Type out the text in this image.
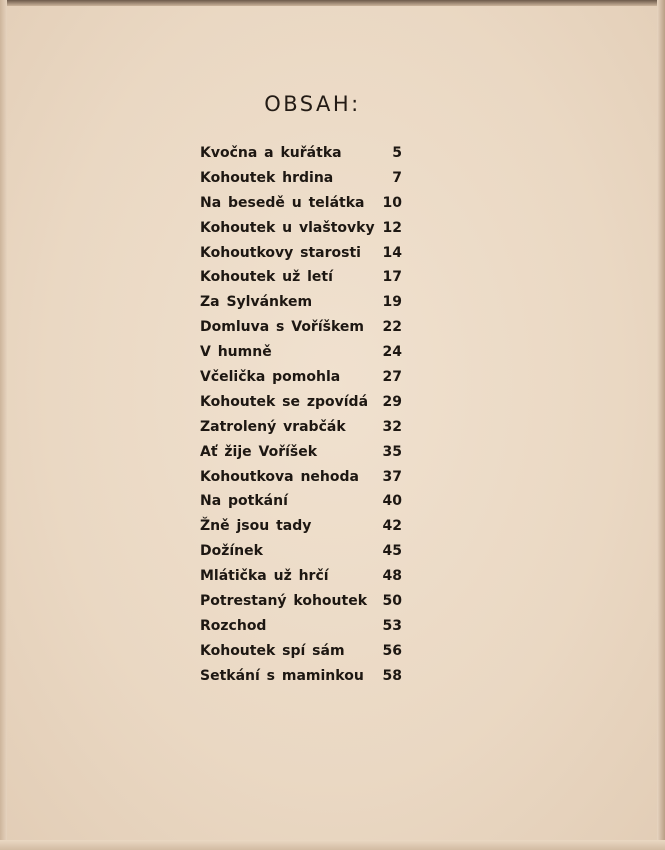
OBSAH:
Kvočna a kuřátka	5
Kohoutek hrdina	7
Na besedě u telátka 10
Kohoutek u vlaštovky 12
Kohoutkovy starosti 14
Kohoutek už letí	17
Za Sylvánkem	19
Domluva s Voříškem 22
V humně	24
Včelička pomohla	27
Kohoutek se zpovídá 29
Zatrolený vrabčák	32
Ať žije Voříšek	35
Kohoutkova nehoda 37
Na potkání	40
Žně jsou tady	42
Dožínek	45
Mlátička už hrčí	48
Potrestaný kohoutek 50
Rozchod	53
Kohoutek spí sám	56
Setkání s maminkou 58
